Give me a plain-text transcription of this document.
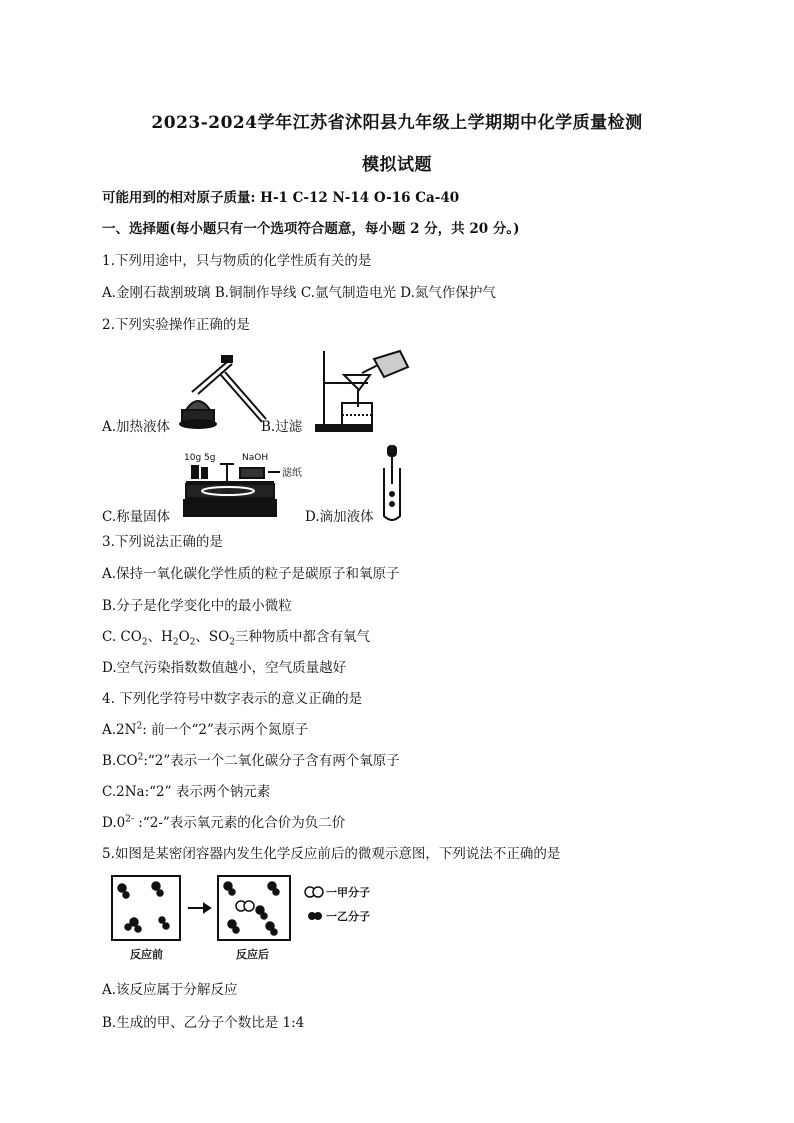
2023-2024学年江苏省沭阳县九年级上学期期中化学质量检测
模拟试题
可能用到的相对原子质量: H-1 C-12 N-14 O-16 Ca-40
一、选择题(每小题只有一个选项符合题意，每小题 2 分，共 20 分。)
1.下列用途中，只与物质的化学性质有关的是
A.金刚石裁割玻璃 B.铜制作导线 C.氩气制造电光 D.氮气作保护气
2.下列实验操作正确的是
A.加热液体	B.过滤
10g 5g	NaOH
滤纸
C.称量固体	D.滴加液体
3.下列说法正确的是
A.保持一氧化碳化学性质的粒子是碳原子和氧原子
B.分子是化学变化中的最小微粒
C. $CO_2$、$H_2O_2$、$SO_2$三种物质中都含有氧气
D.空气污染指数数值越小，空气质量越好
4. 下列化学符号中数字表示的意义正确的是
$A.2N^2$: 前一个“2”表示两个氮原子
$B.CO^2:“2$”表示一个二氧化碳分子含有两个氧原子
C.2Na:“2” 表示两个钠元素
$D.0^{2-}$ :“2-”表示氧元素的化合价为负二价
5.如图是某密闭容器内发生化学反应前后的微观示意图，下列说法不正确的是
反应前	反应后
一甲分子
一乙分子
A.该反应属于分解反应
B.生成的甲、乙分子个数比是 1:4
